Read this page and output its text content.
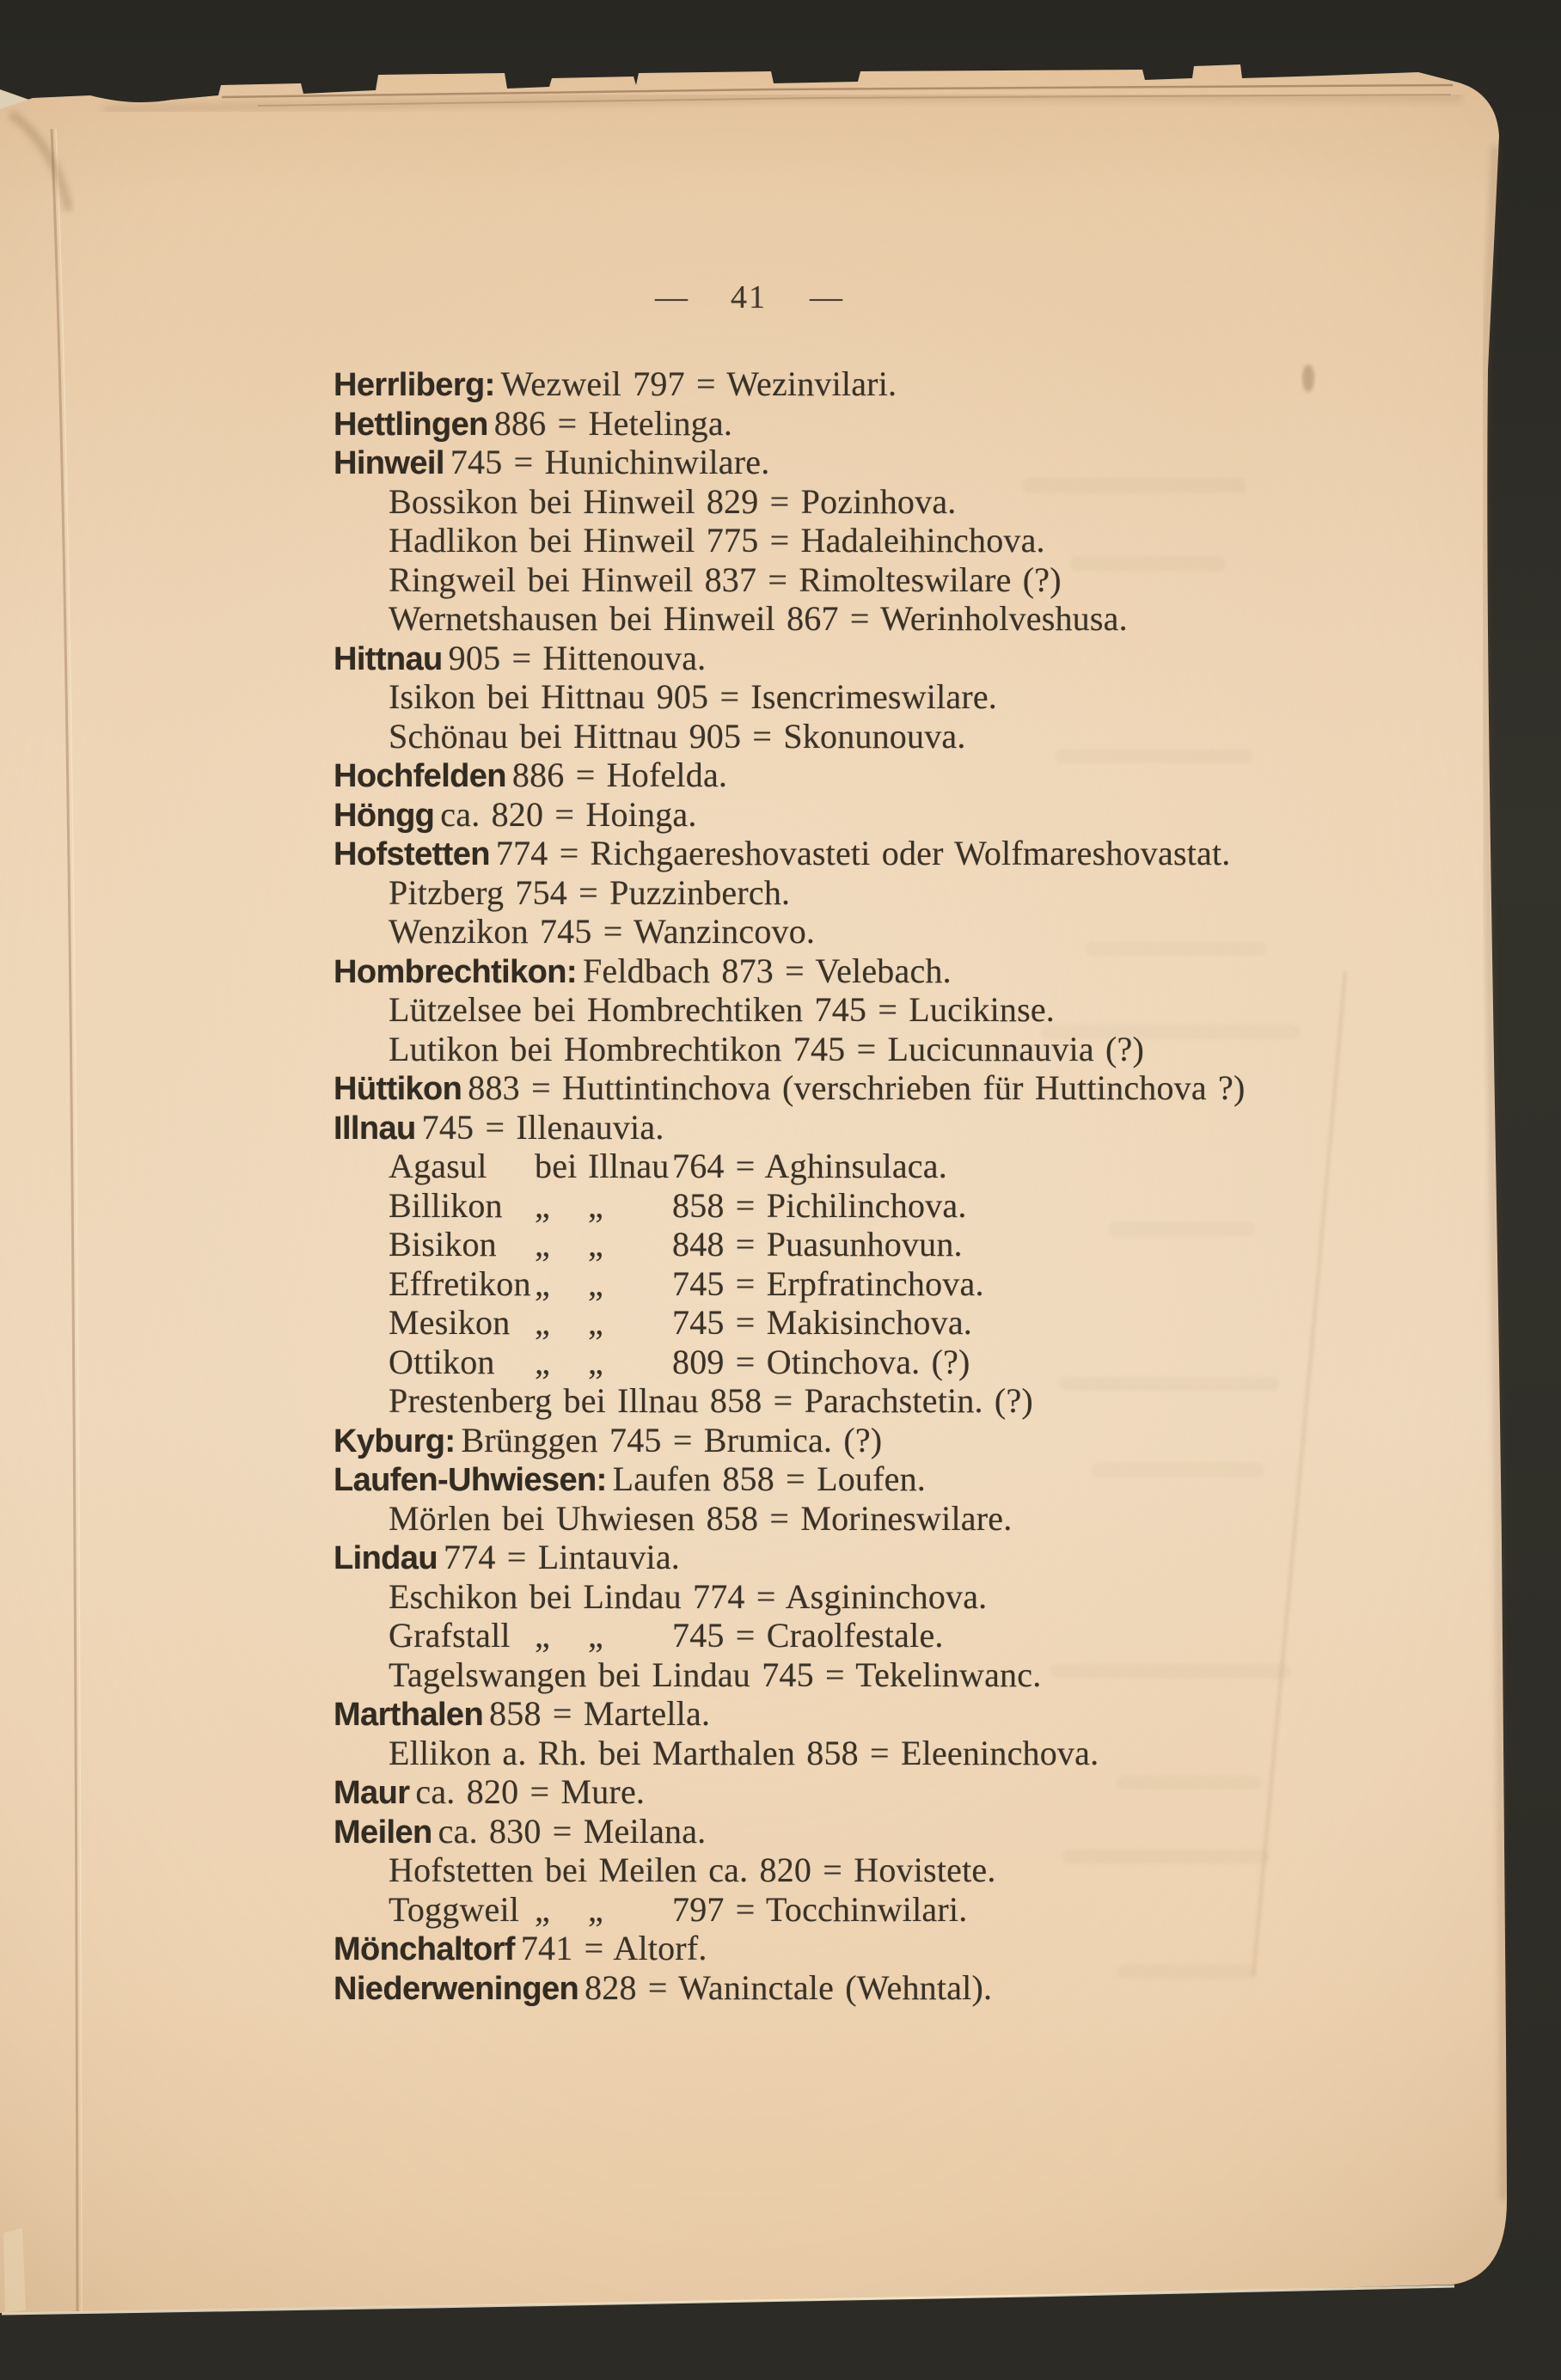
— 41 —
Herrliberg: Wezweil 797 = Wezinvilari.
Hettlingen 886 = Hetelinga.
Hinweil 745 = Hunichinwilare.
Bossikon bei Hinweil 829 = Pozinhova.
Hadlikon bei Hinweil 775 = Hadaleihinchova.
Ringweil bei Hinweil 837 = Rimolteswilare (?)
Wernetshausen bei Hinweil 867 = Werinholveshusa.
Hittnau 905 = Hittenouva.
Isikon bei Hittnau 905 = Isencrimeswilare.
Schönau bei Hittnau 905 = Skonunouva.
Hochfelden 886 = Hofelda.
Höngg ca. 820 = Hoinga.
Hofstetten 774 = Richgaereshovasteti oder Wolfmareshovastat.
Pitzberg 754 = Puzzinberch.
Wenzikon 745 = Wanzincovo.
Hombrechtikon: Feldbach 873 = Velebach.
Lützelsee bei Hombrechtiken 745 = Lucikinse.
Lutikon bei Hombrechtikon 745 = Lucicunnauvia (?)
Hüttikon 883 = Huttintinchova (verschrieben für Huttinchova ?)
Illnau 745 = Illenauvia.
Agasul bei Illnau764 = Aghinsulaca.
Billikon „ „ 858 = Pichilinchova.
Bisikon „ „ 848 = Puasunhovun.
Effretikon „ „ 745 = Erpfratinchova.
Mesikon „ „ 745 = Makisinchova.
Ottikon „ „ 809 = Otinchova. (?)
Prestenberg bei Illnau 858 = Parachstetin. (?)
Kyburg: Brünggen 745 = Brumica. (?)
Laufen-Uhwiesen: Laufen 858 = Loufen.
Mörlen bei Uhwiesen 858 = Morineswilare.
Lindau 774 = Lintauvia.
Eschikon bei Lindau 774 = Asgininchova.
Grafstall „ „ 745 = Craolfestale.
Tagelswangen bei Lindau 745 = Tekelinwanc.
Marthalen 858 = Martella.
Ellikon a. Rh. bei Marthalen 858 = Eleeninchova.
Maur ca. 820 = Mure.
Meilen ca. 830 = Meilana.
Hofstetten bei Meilen ca. 820 = Hovistete.
Toggweil „ „ 797 = Tocchinwilari.
Mönchaltorf 741 = Altorf.
Niederweningen 828 = Waninctale (Wehntal).
